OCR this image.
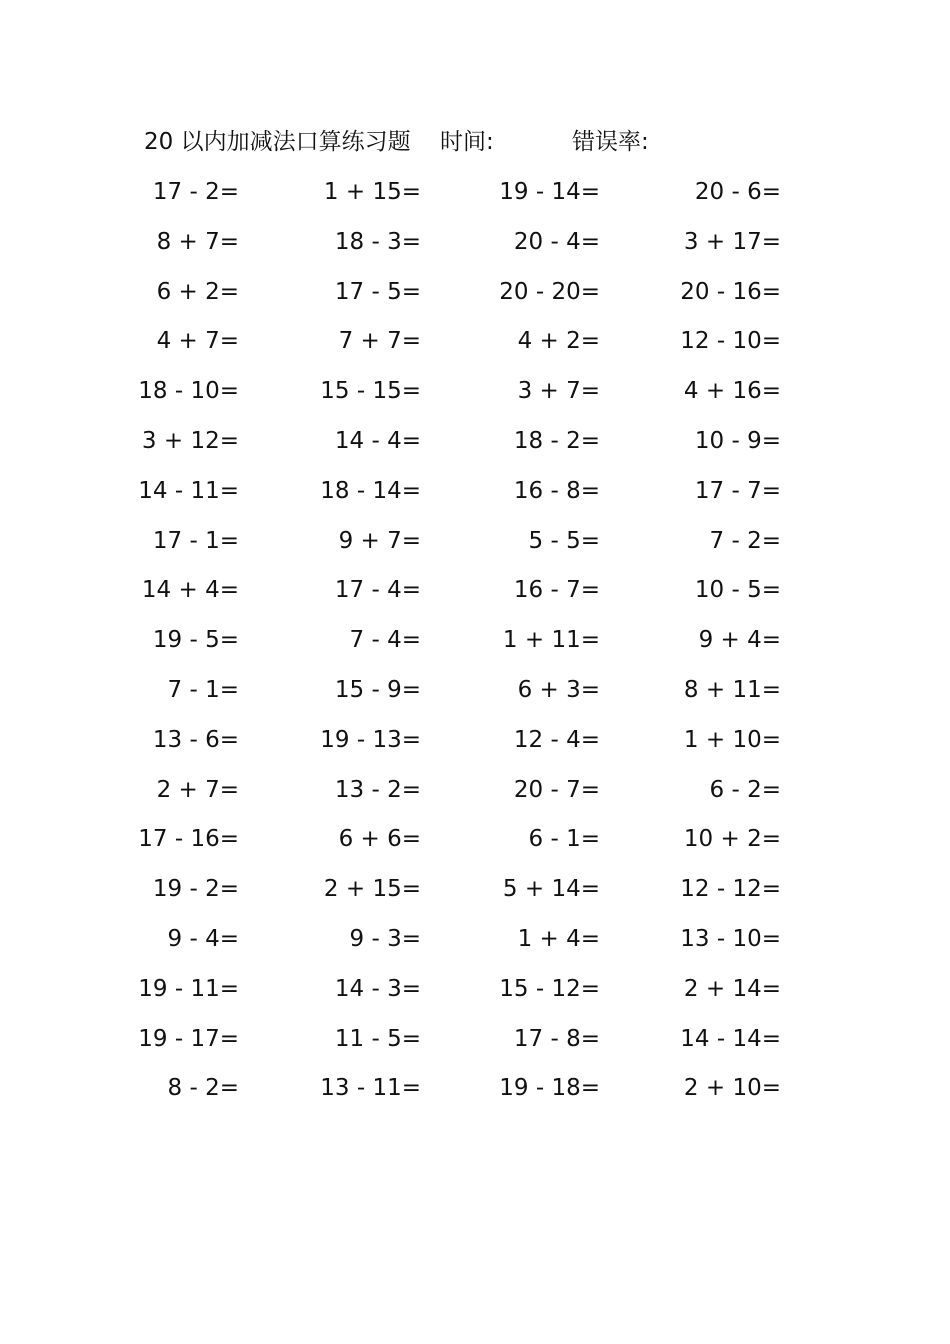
20 以内加减法口算练习题 时间:	错误率:
17 - 2=	1 + 15=	19 - 14=	20 - 6=
8 + 7=	18 - 3=	20 - 4=	3 + 17=
6 + 2=	17 - 5=	20 - 20=	20 - 16=
4 + 7=	7 + 7=	4 + 2=	12 - 10=
18 - 10=	15 - 15=	3 + 7=	4 + 16=
3 + 12=	14 - 4=	18 - 2=	10 - 9=
14 - 11=	18 - 14=	16 - 8=	17 - 7=
17 - 1=	9 + 7=	5 - 5=	7 - 2=
14 + 4=	17 - 4=	16 - 7=	10 - 5=
19 - 5=	7 - 4=	1 + 11=	9 + 4=
7 - 1=	15 - 9=	6 + 3=	8 + 11=
13 - 6=	19 - 13=	12 - 4=	1 + 10=
2 + 7=	13 - 2=	20 - 7=	6 - 2=
17 - 16=	6 + 6=	6 - 1=	10 + 2=
19 - 2=	2 + 15=	5 + 14=	12 - 12=
9 - 4=	9 - 3=	1 + 4=	13 - 10=
19 - 11=	14 - 3=	15 - 12=	2 + 14=
19 - 17=	11 - 5=	17 - 8=	14 - 14=
8 - 2=	13 - 11=	19 - 18=	2 + 10=
